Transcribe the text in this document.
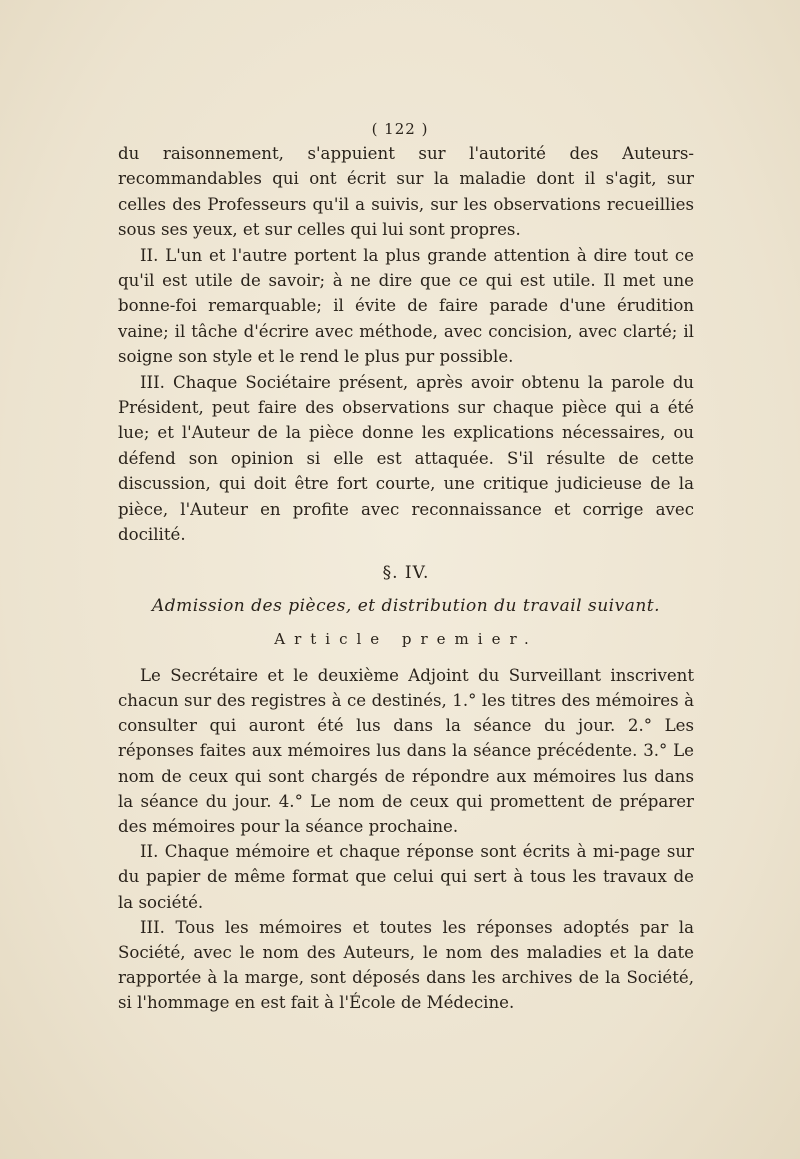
( 122 )

du raisonnement, s'appuient sur l'autorité des Auteurs-recommandables qui ont écrit sur la maladie dont il s'agit, sur celles des Professeurs qu'il a suivis, sur les observations recueillies sous ses yeux, et sur celles qui lui sont propres.

II. L'un et l'autre portent la plus grande attention à dire tout ce qu'il est utile de savoir; à ne dire que ce qui est utile. Il met une bonne-foi remarquable; il évite de faire parade d'une érudition vaine; il tâche d'écrire avec méthode, avec concision, avec clarté; il soigne son style et le rend le plus pur possible.

III. Chaque Sociétaire présent, après avoir obtenu la parole du Président, peut faire des observations sur chaque pièce qui a été lue; et l'Auteur de la pièce donne les explications nécessaires, ou défend son opinion si elle est attaquée. S'il résulte de cette discussion, qui doit être fort courte, une critique judicieuse de la pièce, l'Auteur en profite avec reconnaissance et corrige avec docilité.

§. IV.
Admission des pièces, et distribution du travail suivant.
Article premier.

Le Secrétaire et le deuxième Adjoint du Surveillant inscrivent chacun sur des registres à ce destinés, 1.° les titres des mémoires à consulter qui auront été lus dans la séance du jour. 2.° Les réponses faites aux mémoires lus dans la séance précédente. 3.° Le nom de ceux qui sont chargés de répondre aux mémoires lus dans la séance du jour. 4.° Le nom de ceux qui promettent de préparer des mémoires pour la séance prochaine.

II. Chaque mémoire et chaque réponse sont écrits à mi-page sur du papier de même format que celui qui sert à tous les travaux de la société.

III. Tous les mémoires et toutes les réponses adoptés par la Société, avec le nom des Auteurs, le nom des maladies et la date rapportée à la marge, sont déposés dans les archives de la Société, si l'hommage en est fait à l'École de Médecine.
